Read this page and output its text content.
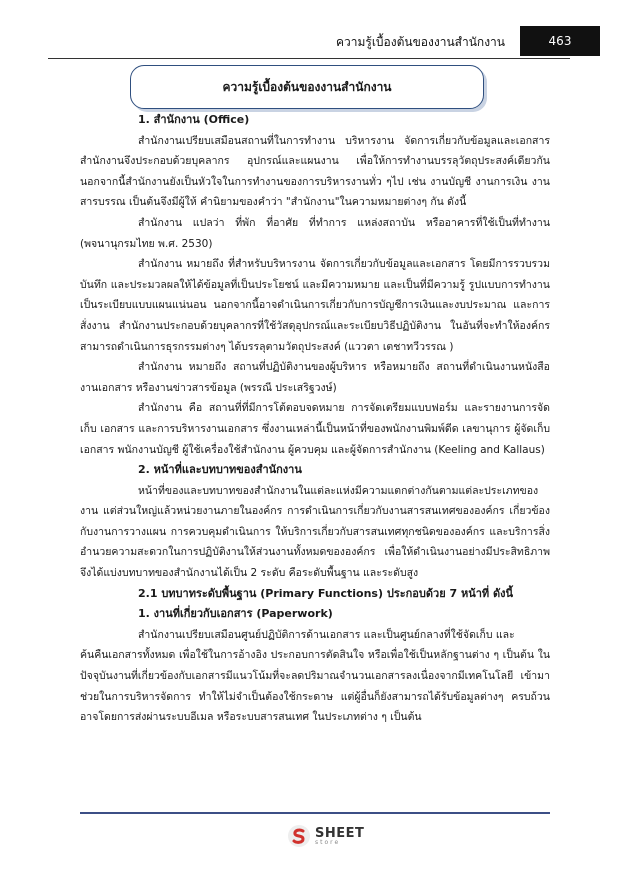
ความรู้เบื้องต้นของงานสำนักงาน	463
ความรู้เบื้องต้นของงานสำนักงาน

1. สำนักงาน (Office)

สำนักงานเปรียบเสมือนสถานที่ในการทำงาน บริหารงาน จัดการเกี่ยวกับข้อมูลและเอกสาร สำนักงานจึงประกอบด้วยบุคลากร อุปกรณ์และแผนงาน เพื่อให้การทำงานบรรลุวัตถุประสงค์เดียวกัน นอกจากนี้สำนักงานยังเป็นหัวใจในการทำงานของการบริหารงานทั่ว ๆไป เช่น งานบัญชี งานการเงิน งานสารบรรณ เป็นต้นจึงมีผู้ให้ คำนิยามของคำว่า "สำนักงาน"ในความหมายต่างๆ กัน ดังนี้

สำนักงาน แปลว่า ที่พัก ที่อาศัย ที่ทำการ แหล่งสถาบัน หรืออาคารที่ใช้เป็นที่ทำงาน (พจนานุกรมไทย พ.ศ. 2530)

สำนักงาน หมายถึง ที่สำหรับบริหารงาน จัดการเกี่ยวกับข้อมูลและเอกสาร โดยมีการรวบรวม บันทึก และประมวลผลให้ได้ข้อมูลที่เป็นประโยชน์ และมีความหมาย และเป็นที่มีความรู้ รูปแบบการทำงานเป็นระเบียบแบบแผนแน่นอน นอกจากนี้อาจดำเนินการเกี่ยวกับการบัญชีการเงินและงบประมาณ และการสั่งงาน สำนักงานประกอบด้วยบุคลากรที่ใช้วัสดุอุปกรณ์และระเบียบวิธีปฏิบัติงาน ในอันที่จะทำให้องค์กรสามารถดำเนินการธุรกรรมต่างๆ ได้บรรลุตามวัตถุประสงค์ (แววตา เตชาทวีวรรณ )

สำนักงาน หมายถึง สถานที่ปฏิบัติงานของผู้บริหาร หรือหมายถึง สถานที่ดำเนินงานหนังสือ งานเอกสาร หรืองานข่าวสารข้อมูล (พรรณี ประเสริฐวงษ์)

สำนักงาน คือ สถานที่ที่มีการโต้ตอบจดหมาย การจัดเตรียมแบบฟอร์ม และรายงานการจัดเก็บ เอกสาร และการบริหารงานเอกสาร ซึ่งงานเหล่านี้เป็นหน้าที่ของพนักงานพิมพ์ดีด เลขานุการ ผู้จัดเก็บเอกสาร พนักงานบัญชี ผู้ใช้เครื่องใช้สำนักงาน ผู้ควบคุม และผู้จัดการสำนักงาน (Keeling and Kallaus)

2. หน้าที่และบทบาทของสำนักงาน

หน้าที่ของและบทบาทของสำนักงานในแต่ละแห่งมีความแตกต่างกันตามแต่ละประเภทของงาน แต่ส่วนใหญ่แล้วหน่วยงานภายในองค์กร การดำเนินการเกี่ยวกับงานสารสนเทศขององค์กร เกี่ยวข้องกับงานการวางแผน การควบคุมดำเนินการ ให้บริการเกี่ยวกับสารสนเทศทุกชนิดขององค์กร และบริการสิ่งอำนวยความสะดวกในการปฏิบัติงานให้ส่วนงานทั้งหมดขององค์กร เพื่อให้ดำเนินงานอย่างมีประสิทธิภาพ จึงได้แบ่งบทบาทของสำนักงานได้เป็น 2 ระดับ คือระดับพื้นฐาน และระดับสูง

2.1 บทบาทระดับพื้นฐาน (Primary Functions) ประกอบด้วย 7 หน้าที่ ดังนี้

1. งานที่เกี่ยวกับเอกสาร (Paperwork)

สำนักงานเปรียบเสมือนศูนย์ปฏิบัติการด้านเอกสาร และเป็นศูนย์กลางที่ใช้จัดเก็บ และ

ค้นคืนเอกสารทั้งหมด เพื่อใช้ในการอ้างอิง ประกอบการตัดสินใจ หรือเพื่อใช้เป็นหลักฐานต่าง ๆ เป็นต้น ในปัจจุบันงานที่เกี่ยวข้องกับเอกสารมีแนวโน้มที่จะลดปริมาณจำนวนเอกสารลงเนื่องจากมีเทคโนโลยี เข้ามาช่วยในการบริหารจัดการ ทำให้ไม่จำเป็นต้องใช้กระดาษ แต่ผู้อื่นก็ยังสามารถได้รับข้อมูลต่างๆ ครบถ้วน อาจโดยการส่งผ่านระบบอีเมล หรือระบบสารสนเทศ ในประเภทต่าง ๆ เป็นต้น

SHEET
store
